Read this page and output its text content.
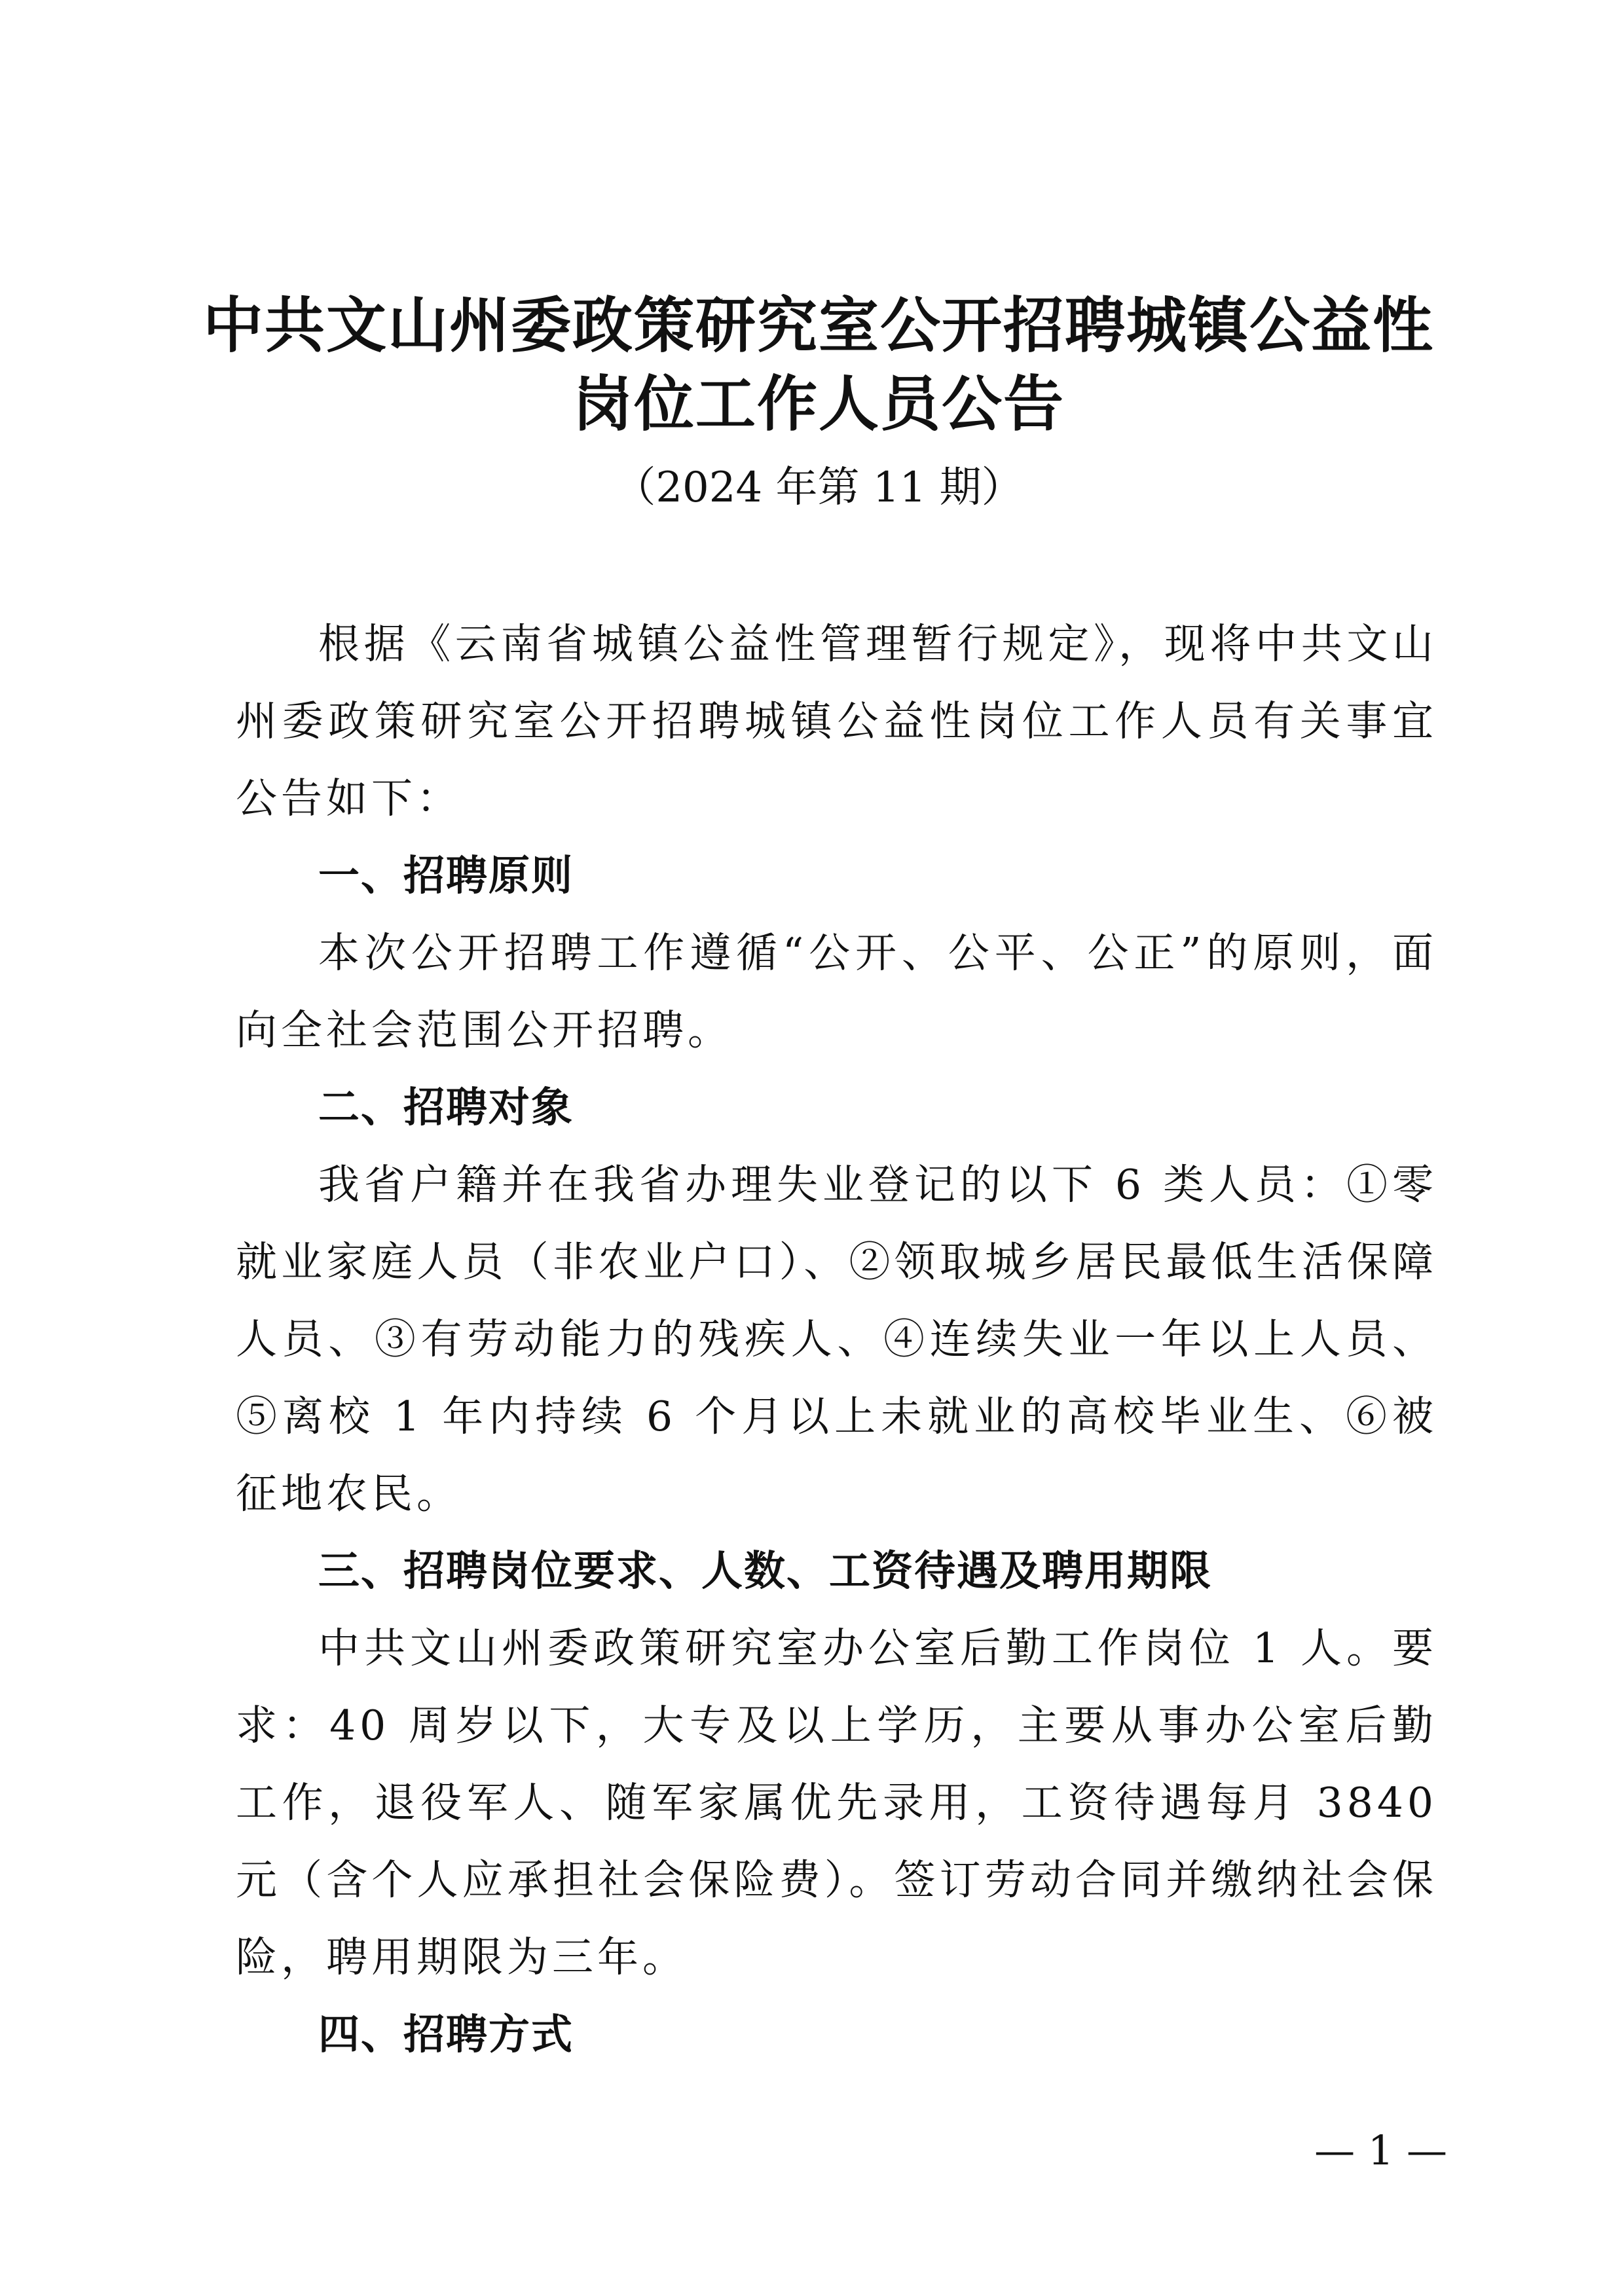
中共文山州委政策研究室公开招聘城镇公益性
岗位工作人员公告
（2024 年第 11 期）

根据《云南省城镇公益性管理暂行规定》，现将中共文山州委政策研究室公开招聘城镇公益性岗位工作人员有关事宜公告如下：

一、招聘原则

本次公开招聘工作遵循“公开、公平、公正”的原则，面向全社会范围公开招聘。

二、招聘对象

我省户籍并在我省办理失业登记的以下 6 类人员：①零就业家庭人员（非农业户口）、②领取城乡居民最低生活保障人员、③有劳动能力的残疾人、④连续失业一年以上人员、⑤离校 1 年内持续 6 个月以上未就业的高校毕业生、⑥被征地农民。

三、招聘岗位要求、人数、工资待遇及聘用期限

中共文山州委政策研究室办公室后勤工作岗位 1 人。要求：40 周岁以下，大专及以上学历，主要从事办公室后勤工作，退役军人、随军家属优先录用，工资待遇每月 3840 元（含个人应承担社会保险费）。签订劳动合同并缴纳社会保险，聘用期限为三年。

四、招聘方式

— 1 —
